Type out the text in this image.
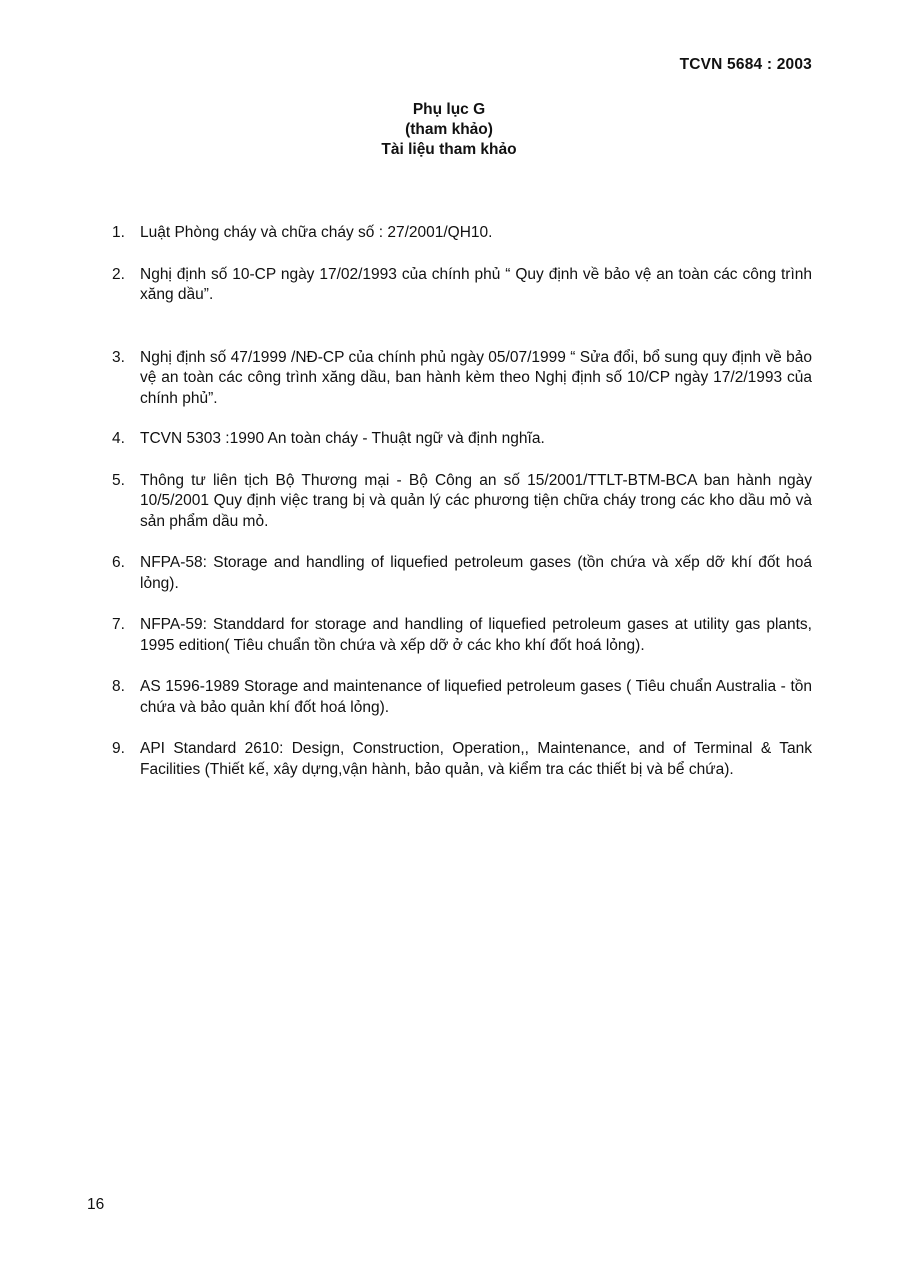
TCVN 5684 : 2003
Phụ lục G
(tham khảo)
Tài liệu tham khảo
1. Luật Phòng cháy và chữa cháy số : 27/2001/QH10.
2. Nghị định số 10-CP ngày 17/02/1993 của chính phủ “ Quy định về bảo vệ an toàn các công trình xăng dầu”.
3. Nghị định số 47/1999 /NĐ-CP của chính phủ ngày 05/07/1999 “ Sửa đổi, bổ sung quy định về bảo vệ an toàn các công trình xăng dầu, ban hành kèm theo Nghị định số 10/CP ngày 17/2/1993 của chính phủ”.
4. TCVN 5303 :1990 An toàn cháy - Thuật ngữ và định nghĩa.
5. Thông tư liên tịch Bộ Thương mại - Bộ Công an số 15/2001/TTLT-BTM-BCA ban hành ngày 10/5/2001 Quy định việc trang bị và quản lý các phương tiện chữa cháy trong các kho dầu mỏ và sản phẩm dầu mỏ.
6. NFPA-58: Storage and handling of liquefied petroleum gases (tồn chứa và xếp dỡ khí đốt hoá lỏng).
7. NFPA-59: Standdard for storage and handling of liquefied petroleum gases at utility gas plants, 1995 edition( Tiêu chuẩn tồn chứa và xếp dỡ ở các kho khí đốt hoá lỏng).
8. AS 1596-1989 Storage and maintenance of liquefied petroleum gases ( Tiêu chuẩn Australia - tồn chứa và bảo quản khí đốt hoá lỏng).
9. API Standard 2610: Design, Construction, Operation,, Maintenance, and of Terminal & Tank Facilities (Thiết kế, xây dựng,vận hành, bảo quản, và kiểm tra các thiết bị và bể chứa).
16
